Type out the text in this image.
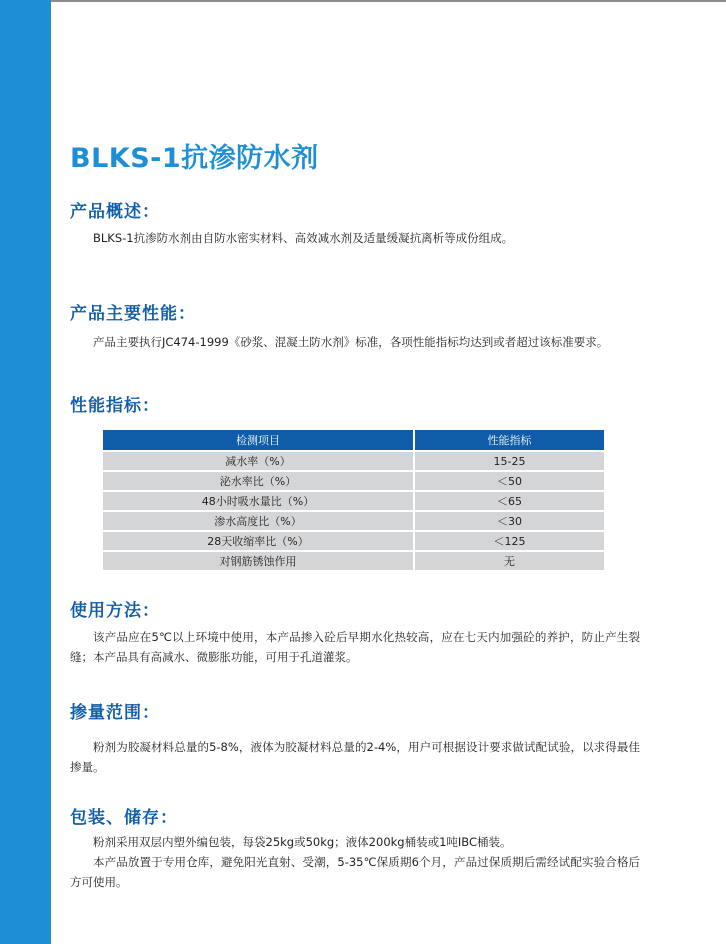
BLKS-1抗渗防水剂
产品概述：

BLKS-1抗渗防水剂由自防水密实材料、高效减水剂及适量缓凝抗离析等成份组成。

产品主要性能：

产品主要执行JC474-1999《砂浆、混凝土防水剂》标准，各项性能指标均达到或者超过该标准要求。

性能指标：
检测项目	性能指标
减水率（%）	15-25
泌水率比（%）	＜50
48小时吸水量比（%）	＜65
渗水高度比（%）	＜30
28天收缩率比（%）	＜125
对钢筋锈蚀作用	无
使用方法：

该产品应在5℃以上环境中使用，本产品掺入砼后早期水化热较高，应在七天内加强砼的养护，防止产生裂缝；本产品具有高减水、微膨胀功能，可用于孔道灌浆。

掺量范围：

粉剂为胶凝材料总量的5-8%，液体为胶凝材料总量的2-4%，用户可根据设计要求做试配试验，以求得最佳掺量。

包装、储存：

粉剂采用双层内塑外编包装，每袋25kg或50kg；液体200kg桶装或1吨IBC桶装。

本产品放置于专用仓库，避免阳光直射、受潮，5-35℃保质期6个月，产品过保质期后需经试配实验合格后方可使用。
